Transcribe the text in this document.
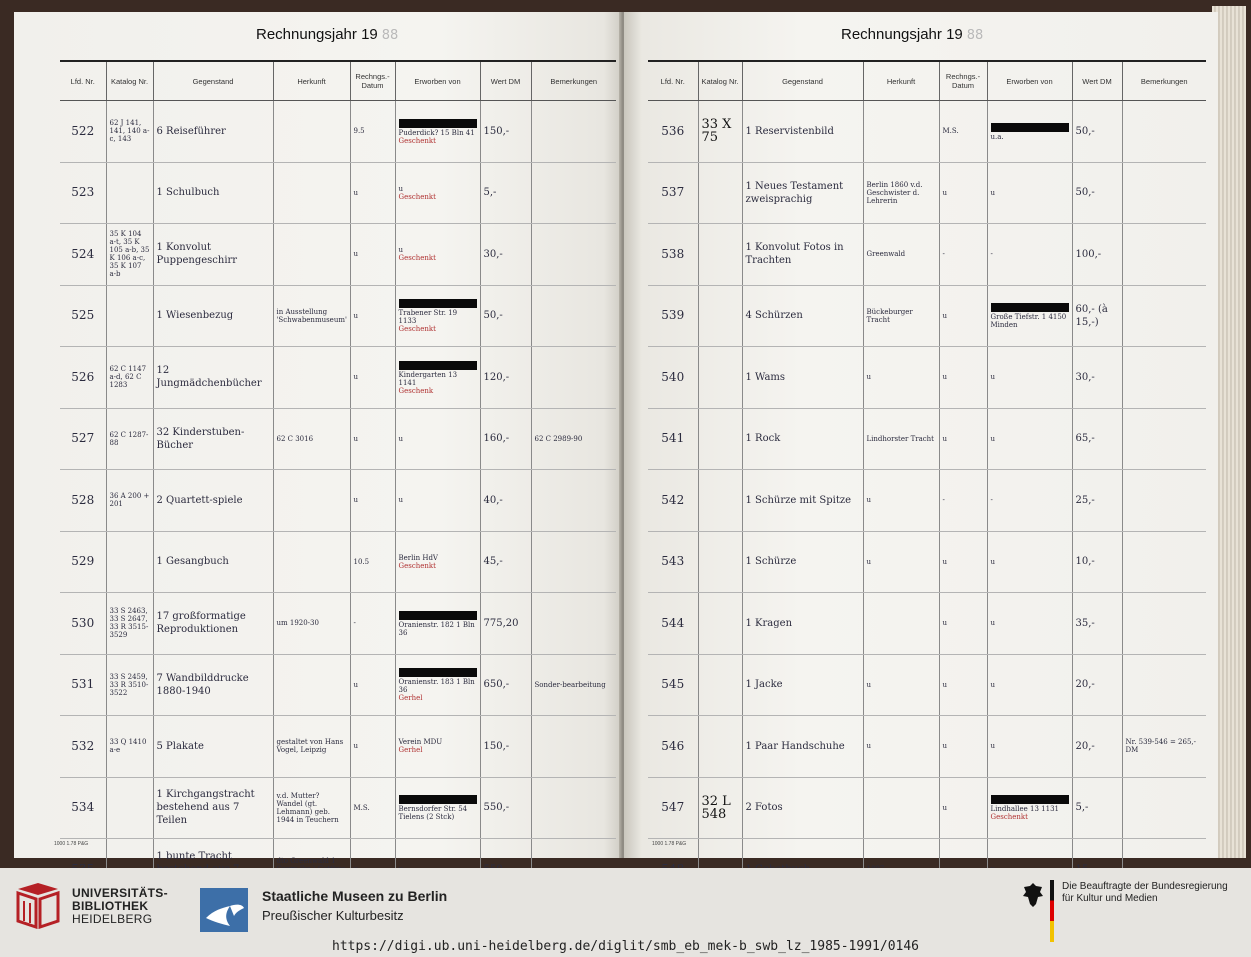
Rechnungsjahr 19 88
Lfd. Nr.	Katalog Nr.	Gegenstand	Herkunft	Rechngs.- Datum	Erworben von	Wert DM	Bemerkungen
522	62 J 141, 141, 140 a-c, 143	6 Reiseführer		9.5	Puderdick? 15 Bln 41
Geschenkt	150,-	
523		1 Schulbuch		u	u
Geschenkt	5,-	
524	35 K 104 a-t, 35 K 105 a-b, 35 K 106 a-c, 35 K 107 a-b	1 Konvolut Puppengeschirr		u	u
Geschenkt	30,-	
525		1 Wiesenbezug	in Ausstellung 'Schwabenmuseum'	u	Trabener Str. 19 1133
Geschenkt	50,-	
526	62 C 1147 a-d, 62 C 1283	12 Jungmädchenbücher		u	Kindergarten 13 1141
Geschenk	120,-	
527	62 C 1287-88	32 Kinderstuben-Bücher	62 C 3016	u	u	160,-	62 C 2989-90
528	36 A 200 + 201	2 Quartett-spiele		u	u	40,-	
529		1 Gesangbuch		10.5	Berlin HdV
Geschenkt	45,-	
530	33 S 2463, 33 S 2647, 33 R 3515-3529	17 großformatige Reproduktionen	um 1920-30	-	Oranienstr. 182 1 Bln 36	775,20	
531	33 S 2459, 33 R 3510-3522	7 Wandbilddrucke 1880-1940		u	Oranienstr. 183 1 Bln 36
Gerhel	650,-	Sonder-bearbeitung
532	33 Q 1410 a-e	5 Plakate	gestaltet von Hans Vogel, Leipzig	u	Verein MDU
Gerhel	150,-	
534		1 Kirchgangstracht bestehend aus 7 Teilen	v.d. Mutter? Wandel (gt. Lehmann) geb. 1944 in Teuchern	M.S.	Bernsdorfer Str. 54 Tielens (2 Stck)	550,-	
		1 bunte Tracht	dto Greenwald 1		

1000 1.78 P&G
Rechnungsjahr 19 88
Lfd. Nr.	Katalog Nr.	Gegenstand	Herkunft	Rechngs.- Datum	Erworben von	Wert DM	Bemerkungen
536	33 X 75	1 Reservistenbild		M.S.	u.a.	50,-	
537		1 Neues Testament zweisprachig	Berlin 1860 v.d. Geschwister d. Lehrerin	u	u	50,-	
538		1 Konvolut Fotos in Trachten	Greenwald	-	-	100,-	
539		4 Schürzen	Bückeburger Tracht	u	Große Tiefstr. 1 4150 Minden	60,- (à 15,-)	
540		1 Wams	u	u	u	30,-	
541		1 Rock	Lindhorster Tracht	u	u	65,-	
542		1 Schürze mit Spitze	u	-	-	25,-	
543		1 Schürze	u	u	u	10,-	
544		1 Kragen		u	u	35,-	
545		1 Jacke	u	u	u	20,-	
546		1 Paar Handschuhe	u	u	u	20,-	Nr. 539-546 = 265,- DM
547	32 L 548	2 Fotos		u	Lindhallee 13 1131
Geschenkt	5,-	

1000 1.78 P&G
UNIVERSITÄTS-
BIBLIOTHEK
HEIDELBERG
Staatliche Museen zu Berlin
Preußischer Kulturbesitz
Die Beauftragte der Bundesregierung
für Kultur und Medien
https://digi.ub.uni-heidelberg.de/diglit/smb_eb_mek-b_swb_lz_1985-1991/0146
